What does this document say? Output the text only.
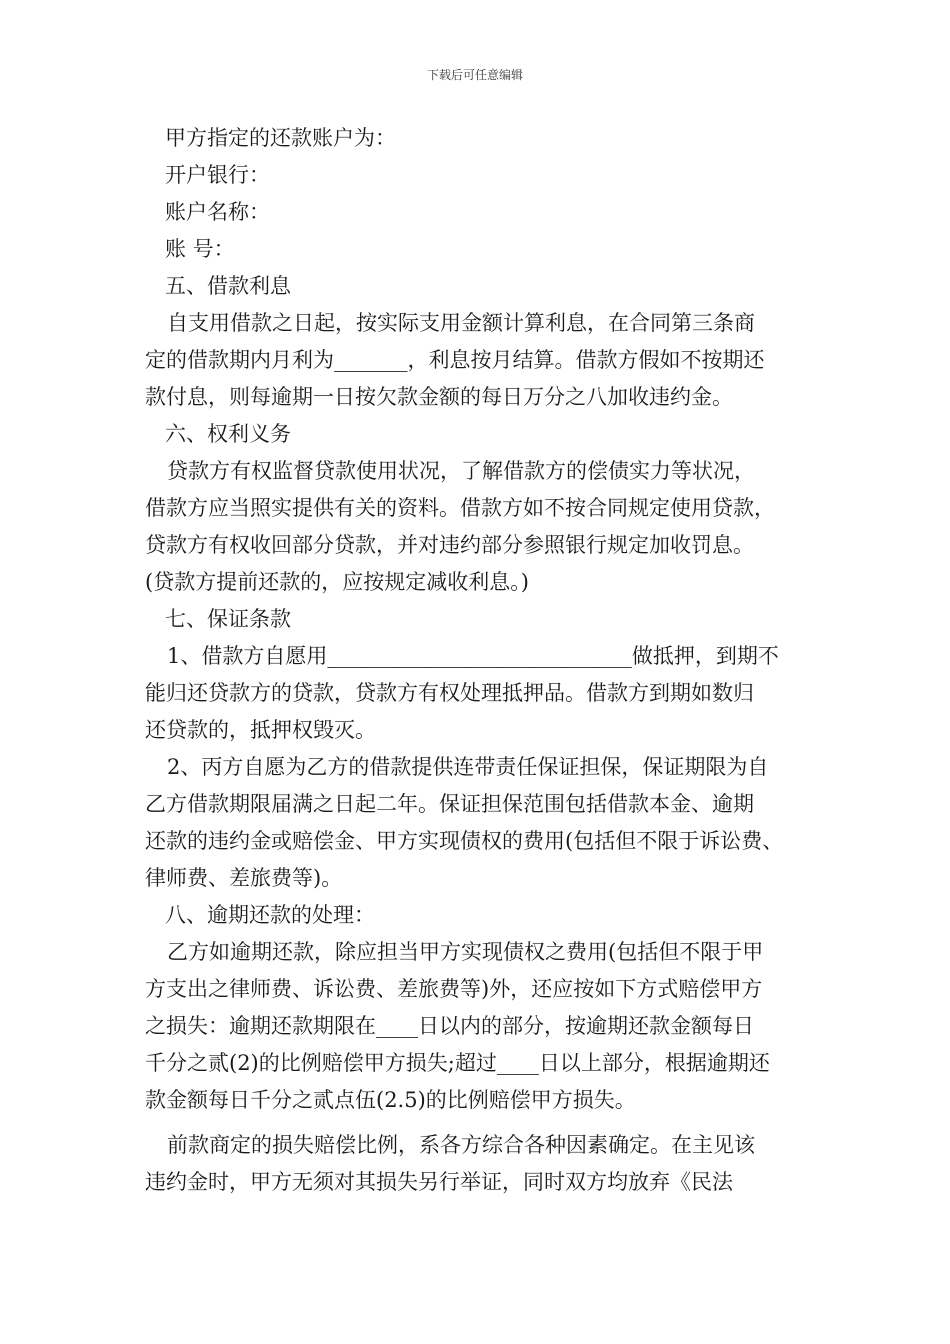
下载后可任意编辑
甲方指定的还款账户为：
开户银行：
账户名称：
账 号：
五、借款利息
自支用借款之日起，按实际支用金额计算利息，在合同第三条商
定的借款期内月利为_______，利息按月结算。借款方假如不按期还
款付息，则每逾期一日按欠款金额的每日万分之八加收违约金。
六、权利义务
贷款方有权监督贷款使用状况，了解借款方的偿债实力等状况，
借款方应当照实提供有关的资料。借款方如不按合同规定使用贷款，
贷款方有权收回部分贷款，并对违约部分参照银行规定加收罚息。
(贷款方提前还款的，应按规定减收利息。)
七、保证条款
1、借款方自愿用_____________________________做抵押，到期不
能归还贷款方的贷款，贷款方有权处理抵押品。借款方到期如数归
还贷款的，抵押权毁灭。
2、丙方自愿为乙方的借款提供连带责任保证担保，保证期限为自
乙方借款期限届满之日起二年。保证担保范围包括借款本金、逾期
还款的违约金或赔偿金、甲方实现债权的费用(包括但不限于诉讼费、
律师费、差旅费等)。
八、逾期还款的处理：
乙方如逾期还款，除应担当甲方实现债权之费用(包括但不限于甲
方支出之律师费、诉讼费、差旅费等)外，还应按如下方式赔偿甲方
之损失：逾期还款期限在____日以内的部分，按逾期还款金额每日
千分之贰(2)的比例赔偿甲方损失;超过____日以上部分，根据逾期还
款金额每日千分之贰点伍(2.5)的比例赔偿甲方损失。
前款商定的损失赔偿比例，系各方综合各种因素确定。在主见该
违约金时，甲方无须对其损失另行举证，同时双方均放弃《民法
